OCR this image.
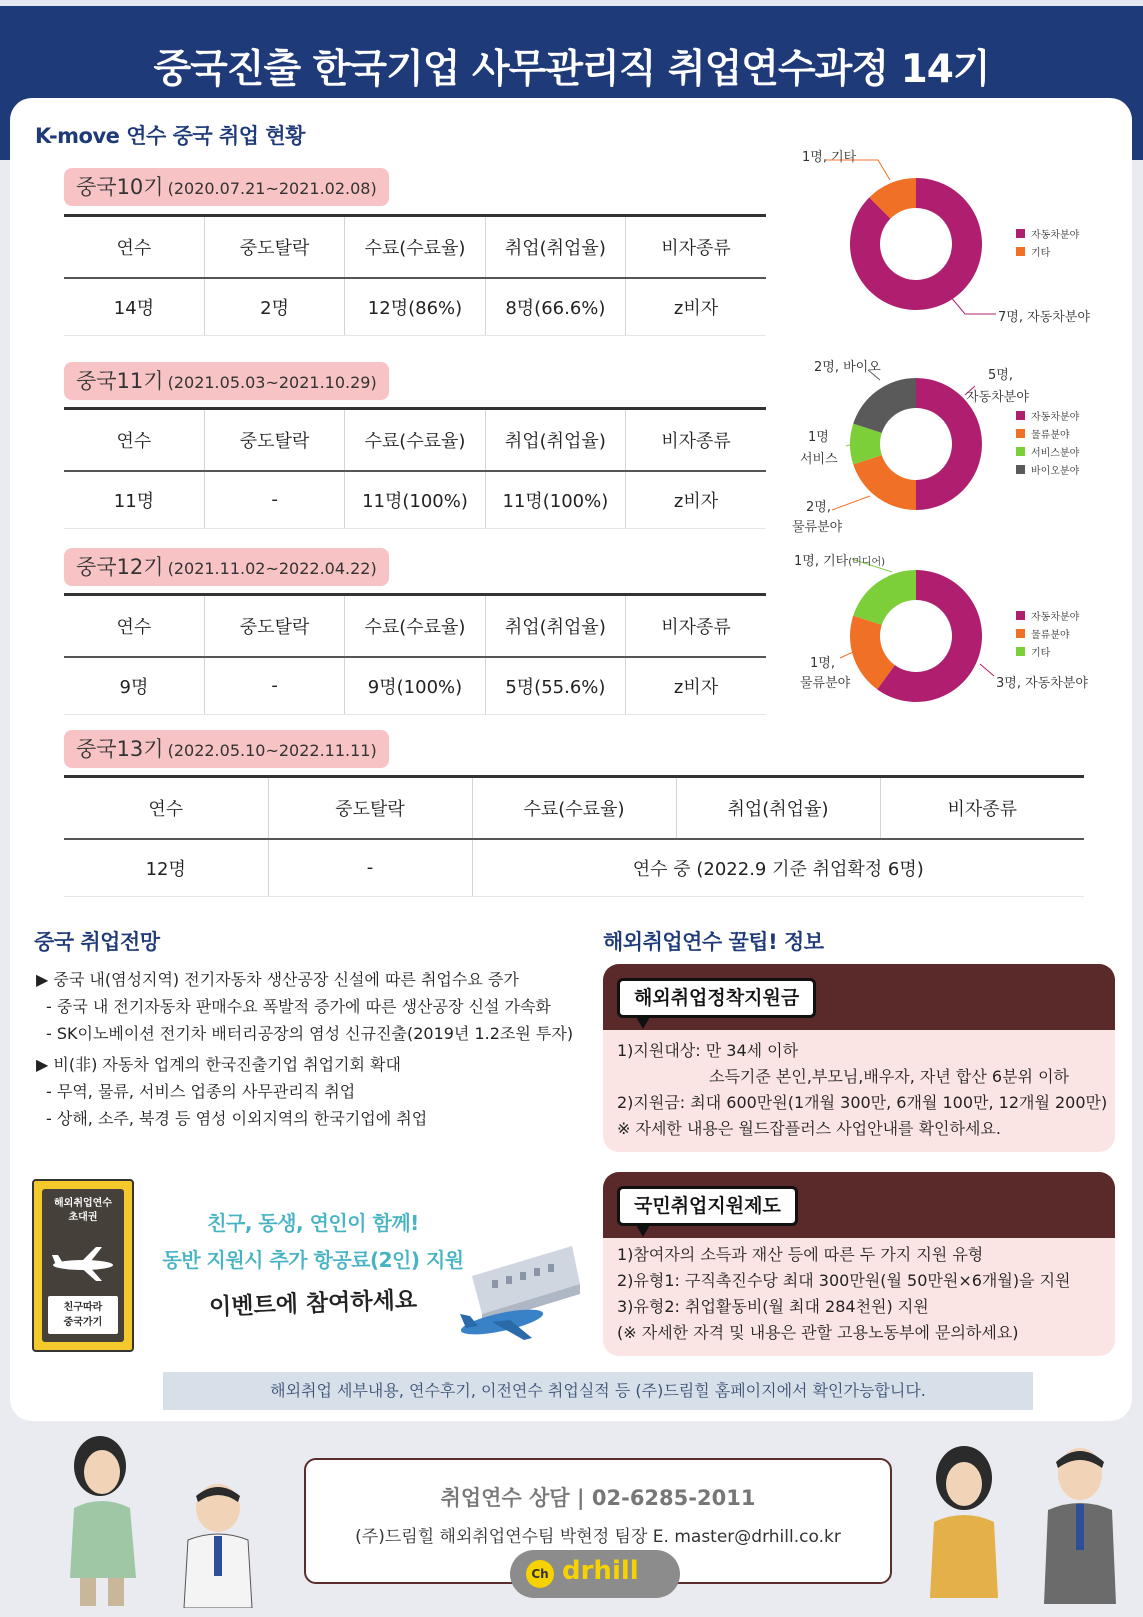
중국진출 한국기업 사무관리직 취업연수과정 14기
K-move 연수 중국 취업 현황
중국10기 (2020.07.21~2021.02.08)
연수	중도탈락	수료(수료율)	취업(취업율)	비자종류
14명	2명	12명(86%)	8명(66.6%)	z비자
중국11기 (2021.05.03~2021.10.29)
연수	중도탈락	수료(수료율)	취업(취업율)	비자종류
11명	-	11명(100%)	11명(100%)	z비자
중국12기 (2021.11.02~2022.04.22)
연수	중도탈락	수료(수료율)	취업(취업율)	비자종류
9명	-	9명(100%)	5명(55.6%)	z비자
중국13기 (2022.05.10~2022.11.11)
연수	중도탈락	수료(수료율)	취업(취업율)	비자종류
12명	-	연수 중 (2022.9 기준 취업확정 6명)		
1명, 기타
7명, 자동차분야
2명, 바이오
5명,
자동차분야
1명
서비스
2명,
물류분야
1명, 기타(미디어)
1명,
물류분야	3명, 자동차분야
자동차분야
기타
자동차분야
물류분야
서비스분야
바이오분야
자동차분야
물류분야
기타
중국 취업전망
▶ 중국 내(염성지역) 전기자동차 생산공장 신설에 따른 취업수요 증가
- 중국 내 전기자동차 판매수요 폭발적 증가에 따른 생산공장 신설 가속화
- SK이노베이션 전기차 배터리공장의 염성 신규진출(2019년 1.2조원 투자)
▶ 비(非) 자동차 업계의 한국진출기업 취업기회 확대
- 무역, 물류, 서비스 업종의 사무관리직 취업
- 상해, 소주, 북경 등 염성 이외지역의 한국기업에 취업
해외취업연수 꿀팁! 정보
해외취업정착지원금
1)지원대상: 만 34세 이하
소득기준 본인,부모님,배우자, 자년 합산 6분위 이하
2)지원금: 최대 600만원(1개월 300만, 6개월 100만, 12개월 200만)
※ 자세한 내용은 월드잡플러스 사업안내를 확인하세요.
국민취업지원제도
1)참여자의 소득과 재산 등에 따른 두 가지 지원 유형
2)유형1: 구직촉진수당 최대 300만원(월 50만원×6개월)을 지원
3)유형2: 취업활동비(월 최대 284천원) 지원
(※ 자세한 자격 및 내용은 관할 고용노동부에 문의하세요)
해외취업연수
초대권
친구따라
중국가기
친구, 동생, 연인이 함께!
동반 지원시 추가 항공료(2인) 지원
이벤트에 참여하세요
해외취업 세부내용, 연수후기, 이전연수 취업실적 등 (주)드림힐 홈페이지에서 확인가능합니다.
취업연수 상담 | 02-6285-2011
(주)드림힐 해외취업연수팀 박현정 팀장 E. master@drhill.co.kr
Ch drhill
